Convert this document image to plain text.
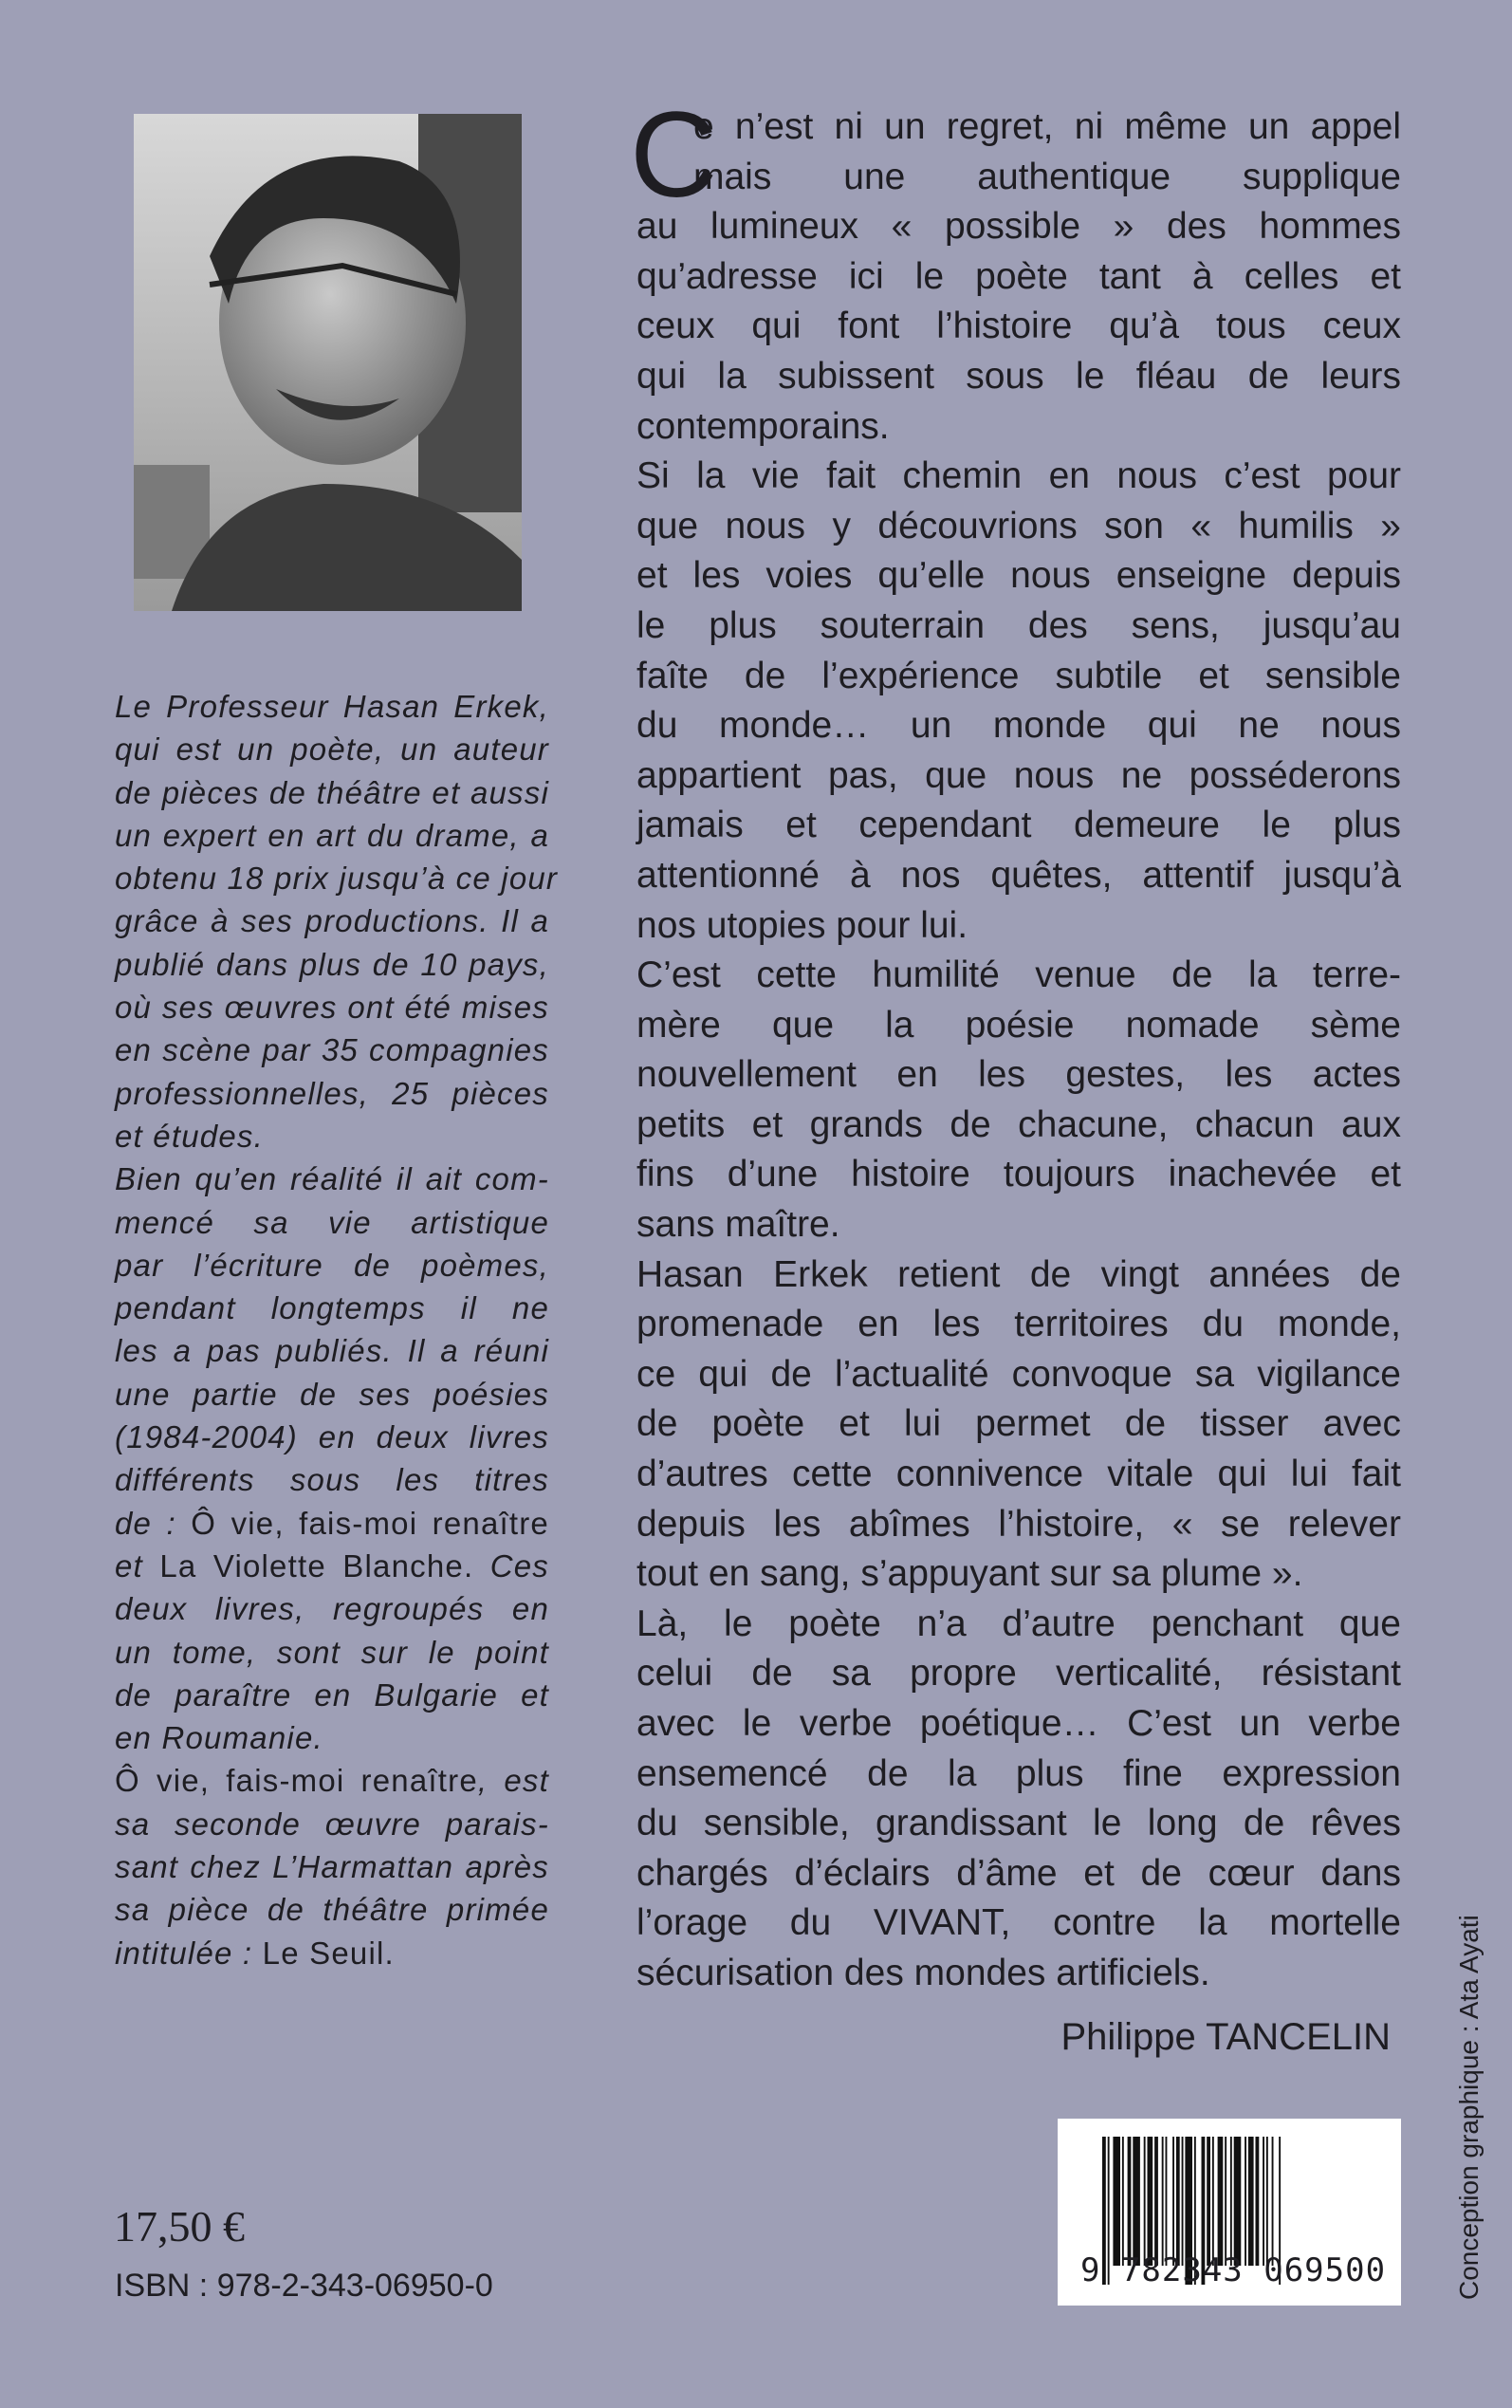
Le Professeur Hasan Erkek,
qui est un poète, un auteur
de pièces de théâtre et aussi
un expert en art du drame, a
obtenu 18 prix jusqu’à ce jour
grâce à ses productions. Il a
publié dans plus de 10 pays,
où ses œuvres ont été mises
en scène par 35 compagnies
professionnelles, 25 pièces
et études.
Bien qu’en réalité il ait com-
mencé sa vie artistique
par l’écriture de poèmes,
pendant longtemps il ne
les a pas publiés. Il a réuni
une partie de ses poésies
(1984-2004) en deux livres
différents sous les titres
de : Ô vie, fais-moi renaître
et La Violette Blanche. Ces
deux livres, regroupés en
un tome, sont sur le point
de paraître en Bulgarie et
en Roumanie.
Ô vie, fais-moi renaître, est
sa seconde œuvre parais-
sant chez L’Harmattan après
sa pièce de théâtre primée
intitulée : Le Seuil.
C
e n’est ni un regret, ni même un appel
mais une authentique supplique
au lumineux « possible » des hommes
qu’adresse ici le poète tant à celles et
ceux qui font l’histoire qu’à tous ceux
qui la subissent sous le fléau de leurs
contemporains.
Si la vie fait chemin en nous c’est pour
que nous y découvrions son « humilis »
et les voies qu’elle nous enseigne depuis
le plus souterrain des sens, jusqu’au
faîte de l’expérience subtile et sensible
du monde… un monde qui ne nous
appartient pas, que nous ne posséderons
jamais et cependant demeure le plus
attentionné à nos quêtes, attentif jusqu’à
nos utopies pour lui.
C’est cette humilité venue de la terre-
mère que la poésie nomade sème
nouvellement en les gestes, les actes
petits et grands de chacune, chacun aux
fins d’une histoire toujours inachevée et
sans maître.
Hasan Erkek retient de vingt années de
promenade en les territoires du monde,
ce qui de l’actualité convoque sa vigilance
de poète et lui permet de tisser avec
d’autres cette connivence vitale qui lui fait
depuis les abîmes l’histoire, « se relever
tout en sang, s’appuyant sur sa plume ».
Là, le poète n’a d’autre penchant que
celui de sa propre verticalité, résistant
avec le verbe poétique… C’est un verbe
ensemencé de la plus fine expression
du sensible, grandissant le long de rêves
chargés d’éclairs d’âme et de cœur dans
l’orage du VIVANT, contre la mortelle
sécurisation des mondes artificiels.
Philippe TANCELIN
9 782343 069500
17,50 €
ISBN : 978-2-343-06950-0	Conception graphique : Ata Ayati
